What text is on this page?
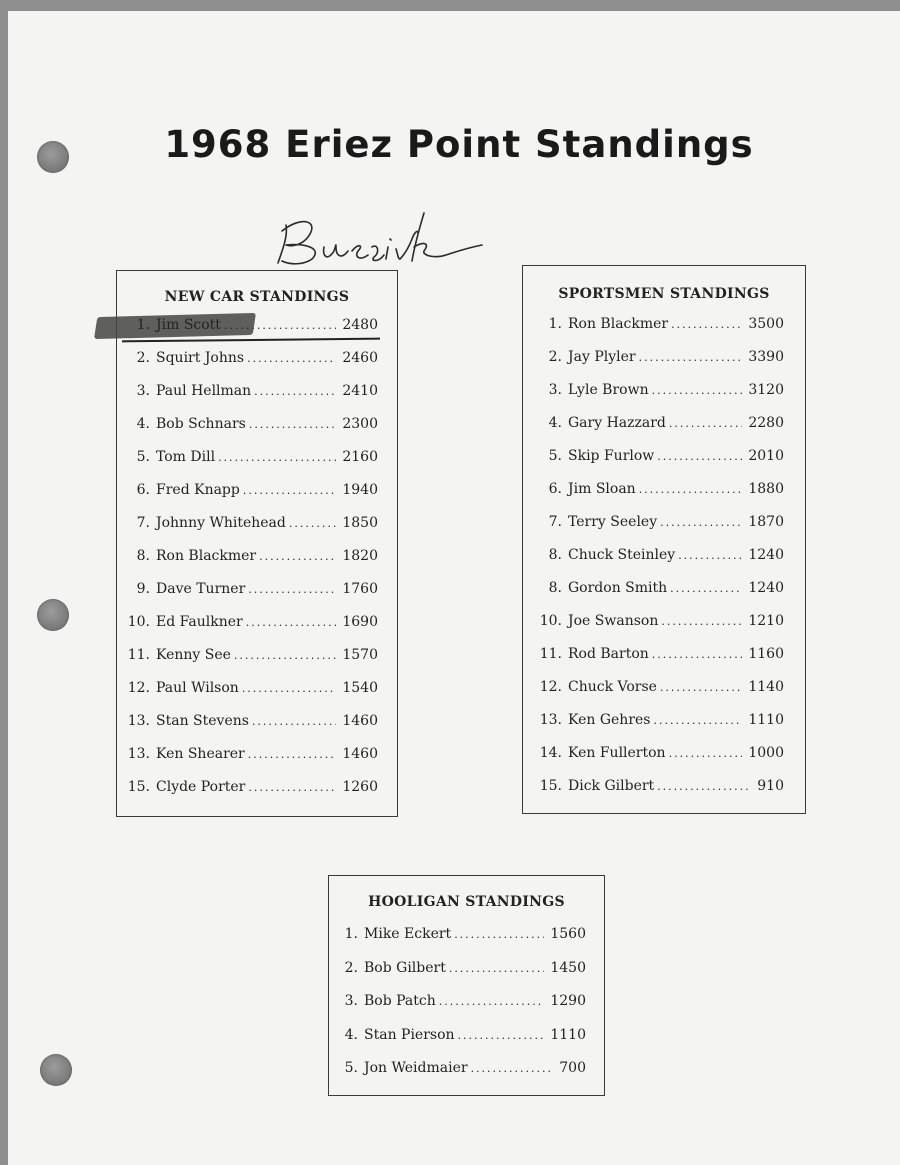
1968 Eriez Point Standings
NEW CAR STANDINGS
1. Jim Scott .....	2480
2. Squirt Johns .....	2460
3. Paul Hellman .....	2410
4. Bob Schnars .....	2300
5. Tom Dill .....	2160
6. Fred Knapp .....	1940
7. Johnny Whitehead .....	1850
8. Ron Blackmer .....	1820
9. Dave Turner .....	1760
10. Ed Faulkner .....	1690
11. Kenny See .....	1570
12. Paul Wilson .....	1540
13. Stan Stevens .....	1460
13. Ken Shearer .....	1460
15. Clyde Porter .....	1260
SPORTSMEN STANDINGS
1. Ron Blackmer .....	3500
2. Jay Plyler .....	3390
3. Lyle Brown .....	3120
4. Gary Hazzard .....	2280
5. Skip Furlow .....	2010
6. Jim Sloan .....	1880
7. Terry Seeley .....	1870
8. Chuck Steinley .....	1240
8. Gordon Smith .....	1240
10. Joe Swanson .....	1210
11. Rod Barton .....	1160
12. Chuck Vorse .....	1140
13. Ken Gehres .....	1110
14. Ken Fullerton .....	1000
15. Dick Gilbert .....	910
HOOLIGAN STANDINGS
1. Mike Eckert .....	1560
2. Bob Gilbert .....	1450
3. Bob Patch .....	1290
4. Stan Pierson .....	1110
5. Jon Weidmaier .....	700
